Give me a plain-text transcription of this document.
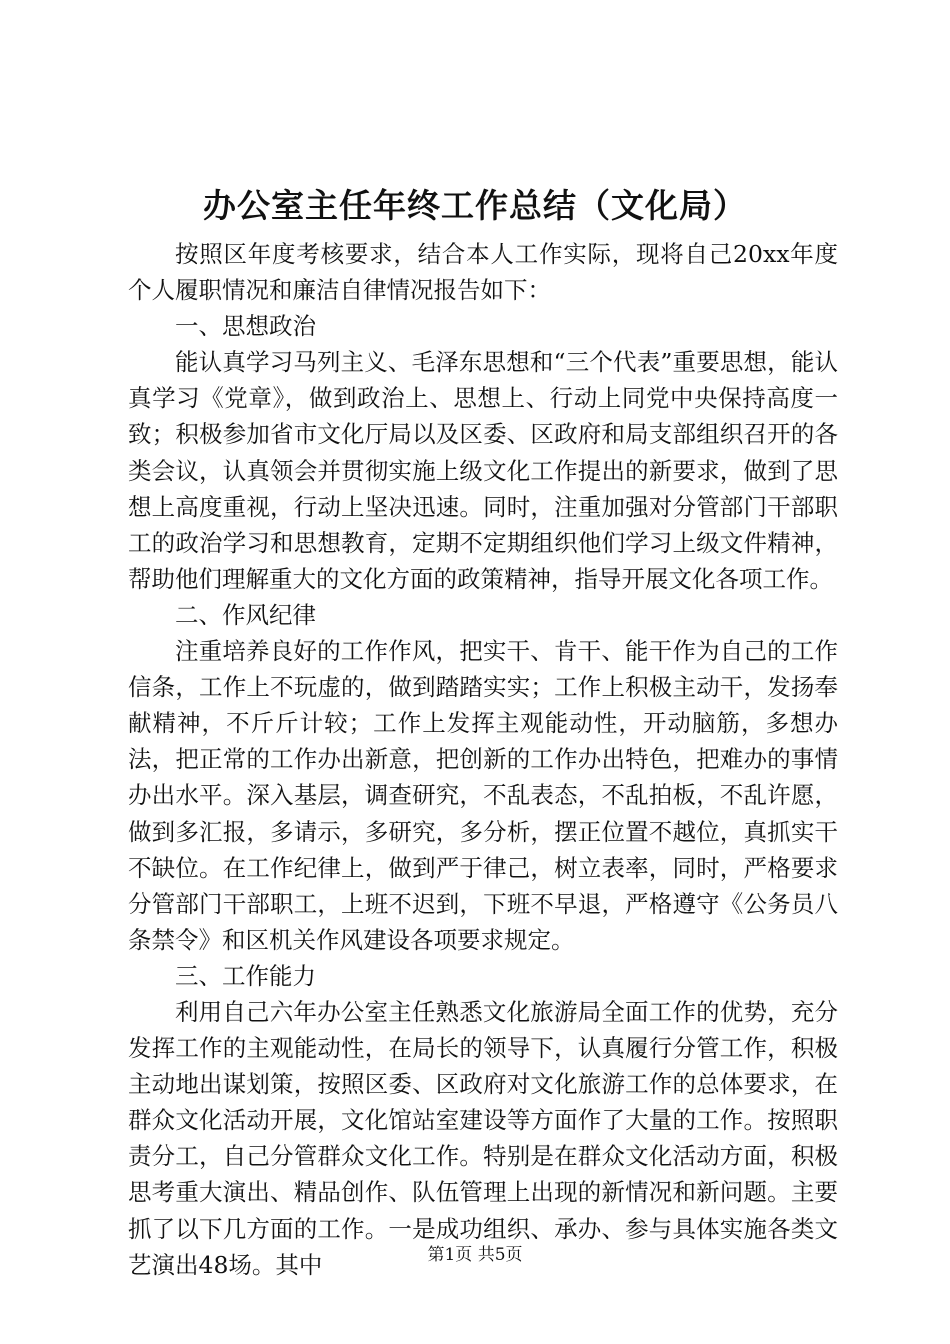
办公室主任年终工作总结（文化局）

按照区年度考核要求，结合本人工作实际，现将自己20xx年度个人履职情况和廉洁自律情况报告如下：

一、思想政治

能认真学习马列主义、毛泽东思想和“三个代表”重要思想，能认真学习《党章》，做到政治上、思想上、行动上同党中央保持高度一致；积极参加省市文化厅局以及区委、区政府和局支部组织召开的各类会议，认真领会并贯彻实施上级文化工作提出的新要求，做到了思想上高度重视，行动上坚决迅速。同时，注重加强对分管部门干部职工的政治学习和思想教育，定期不定期组织他们学习上级文件精神，帮助他们理解重大的文化方面的政策精神，指导开展文化各项工作。

二、作风纪律

注重培养良好的工作作风，把实干、肯干、能干作为自己的工作信条，工作上不玩虚的，做到踏踏实实；工作上积极主动干，发扬奉献精神，不斤斤计较；工作上发挥主观能动性，开动脑筋，多想办法，把正常的工作办出新意，把创新的工作办出特色，把难办的事情办出水平。深入基层，调查研究，不乱表态，不乱拍板，不乱许愿，做到多汇报，多请示，多研究，多分析，摆正位置不越位，真抓实干不缺位。在工作纪律上，做到严于律己，树立表率，同时，严格要求分管部门干部职工，上班不迟到，下班不早退，严格遵守《公务员八条禁令》和区机关作风建设各项要求规定。

三、工作能力

利用自己六年办公室主任熟悉文化旅游局全面工作的优势，充分发挥工作的主观能动性，在局长的领导下，认真履行分管工作，积极主动地出谋划策，按照区委、区政府对文化旅游工作的总体要求，在群众文化活动开展，文化馆站室建设等方面作了大量的工作。按照职责分工，自己分管群众文化工作。特别是在群众文化活动方面，积极思考重大演出、精品创作、队伍管理上出现的新情况和新问题。主要抓了以下几方面的工作。一是成功组织、承办、参与具体实施各类文艺演出48场。其中	第1页 共5页
